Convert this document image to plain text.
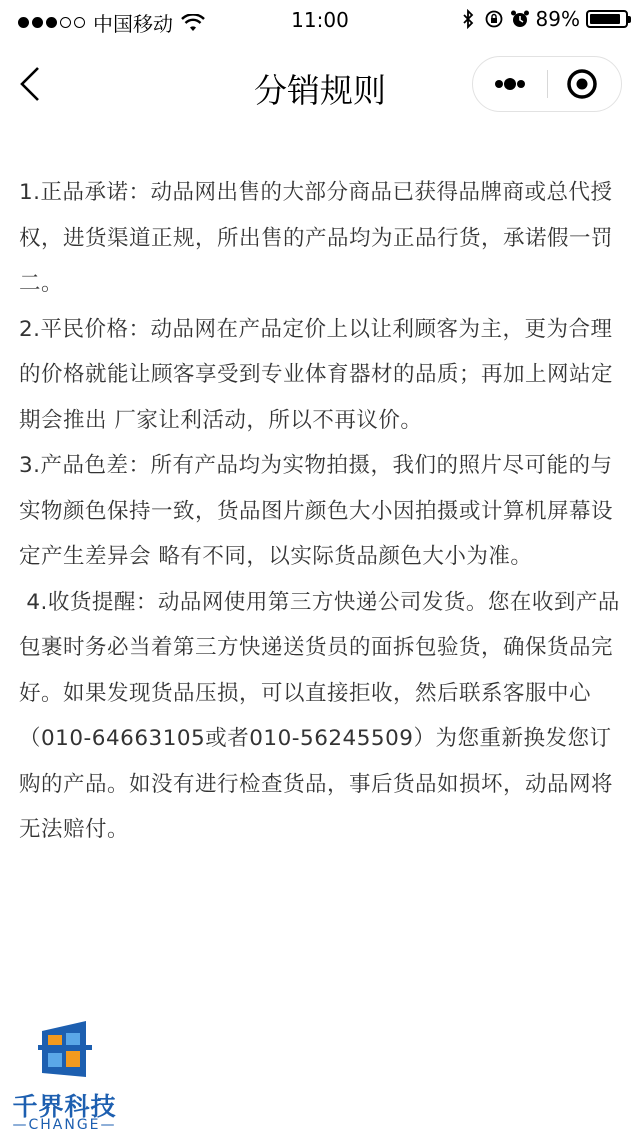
中国移动	11:00	89%
分销规则

1.正品承诺：动品网出售的大部分商品已获得品牌商或总代授权，进货渠道正规，所出售的产品均为正品行货，承诺假一罚二。

2.平民价格：动品网在产品定价上以让利顾客为主，更为合理的价格就能让顾客享受到专业体育器材的品质；再加上网站定期会推出 厂家让利活动，所以不再议价。

3.产品色差：所有产品均为实物拍摄，我们的照片尽可能的与实物颜色保持一致，货品图片颜色大小因拍摄或计算机屏幕设定产生差异会 略有不同，以实际货品颜色大小为准。

4.收货提醒：动品网使用第三方快递公司发货。您在收到产品包裹时务必当着第三方快递送货员的面拆包验货，确保货品完好。如果发现货品压损，可以直接拒收，然后联系客服中心（010-64663105或者010-56245509）为您重新换发您订购的产品。如没有进行检查货品，事后货品如损坏，动品网将无法赔付。

千界科技
—CHANGE—
